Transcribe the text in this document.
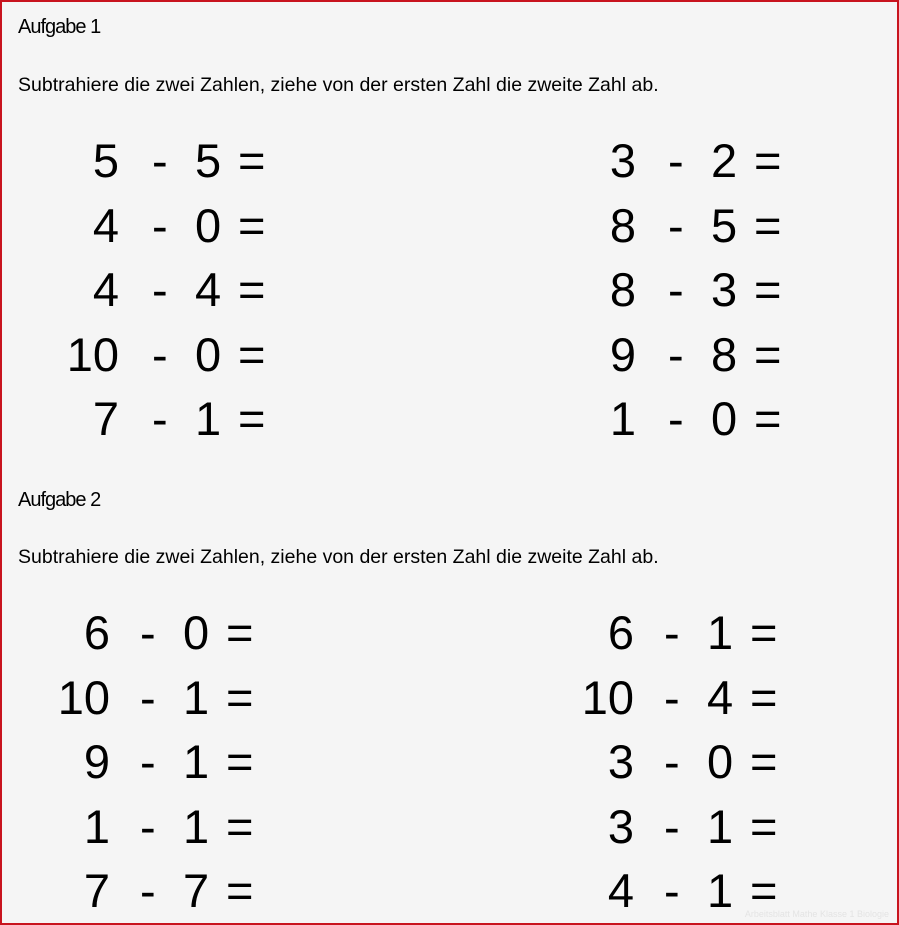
Aufgabe 1
Subtrahiere die zwei Zahlen, ziehe von der ersten Zahl die zweite Zahl ab.
5 - 5 =
4 - 0 =
4 - 4 =
10 - 0 =
7 - 1 =
3 - 2 =
8 - 5 =
8 - 3 =
9 - 8 =
1 - 0 =
Aufgabe 2
Subtrahiere die zwei Zahlen, ziehe von der ersten Zahl die zweite Zahl ab.
6 - 0 =
10 - 1 =
9 - 1 =
1 - 1 =
7 - 7 =
6 - 1 =
10 - 4 =
3 - 0 =
3 - 1 =
4 - 1 =
Arbeitsblatt Mathe Klasse 1 Biologie
